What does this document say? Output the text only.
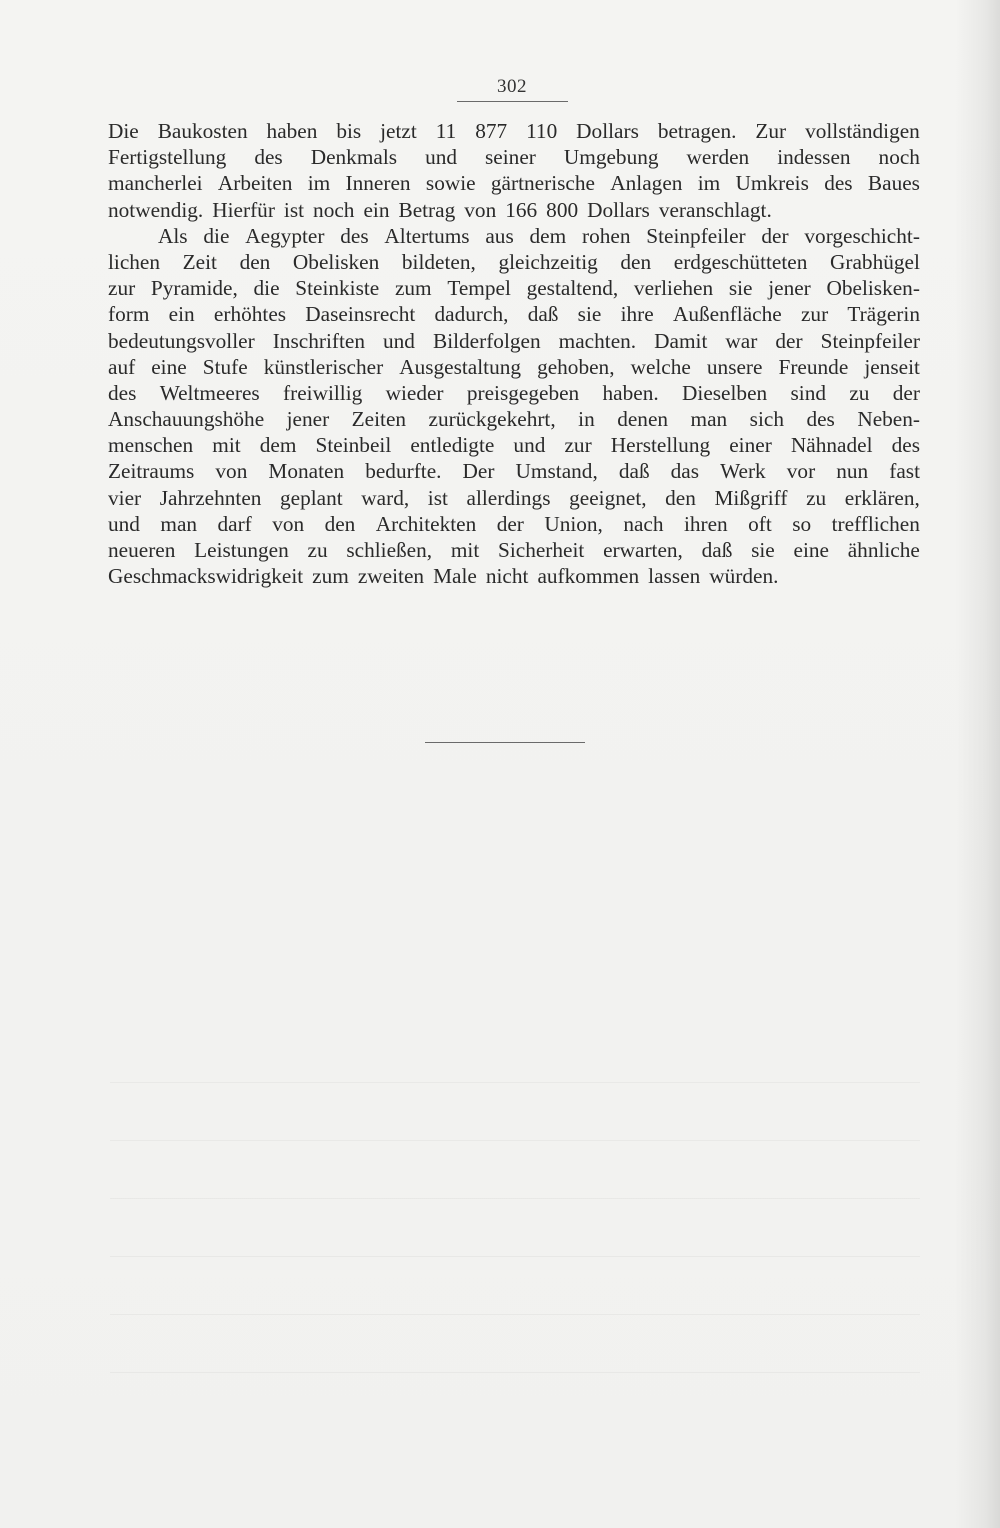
302
Die Baukosten haben bis jetzt 11 877 110 Dollars betragen. Zur vollständigen
Fertigstellung des Denkmals und seiner Umgebung werden indessen noch
mancherlei Arbeiten im Inneren sowie gärtnerische Anlagen im Umkreis des Baues
notwendig. Hierfür ist noch ein Betrag von 166 800 Dollars veranschlagt.
Als die Aegypter des Altertums aus dem rohen Steinpfeiler der vorgeschicht-
lichen Zeit den Obelisken bildeten, gleichzeitig den erdgeschütteten Grabhügel
zur Pyramide, die Steinkiste zum Tempel gestaltend, verliehen sie jener Obelisken-
form ein erhöhtes Daseinsrecht dadurch, daß sie ihre Außenfläche zur Trägerin
bedeutungsvoller Inschriften und Bilderfolgen machten. Damit war der Steinpfeiler
auf eine Stufe künstlerischer Ausgestaltung gehoben, welche unsere Freunde jenseit
des Weltmeeres freiwillig wieder preisgegeben haben. Dieselben sind zu der
Anschauungshöhe jener Zeiten zurückgekehrt, in denen man sich des Neben-
menschen mit dem Steinbeil entledigte und zur Herstellung einer Nähnadel des
Zeitraums von Monaten bedurfte. Der Umstand, daß das Werk vor nun fast
vier Jahrzehnten geplant ward, ist allerdings geeignet, den Mißgriff zu erklären,
und man darf von den Architekten der Union, nach ihren oft so trefflichen
neueren Leistungen zu schließen, mit Sicherheit erwarten, daß sie eine ähnliche
Geschmackswidrigkeit zum zweiten Male nicht aufkommen lassen würden.
